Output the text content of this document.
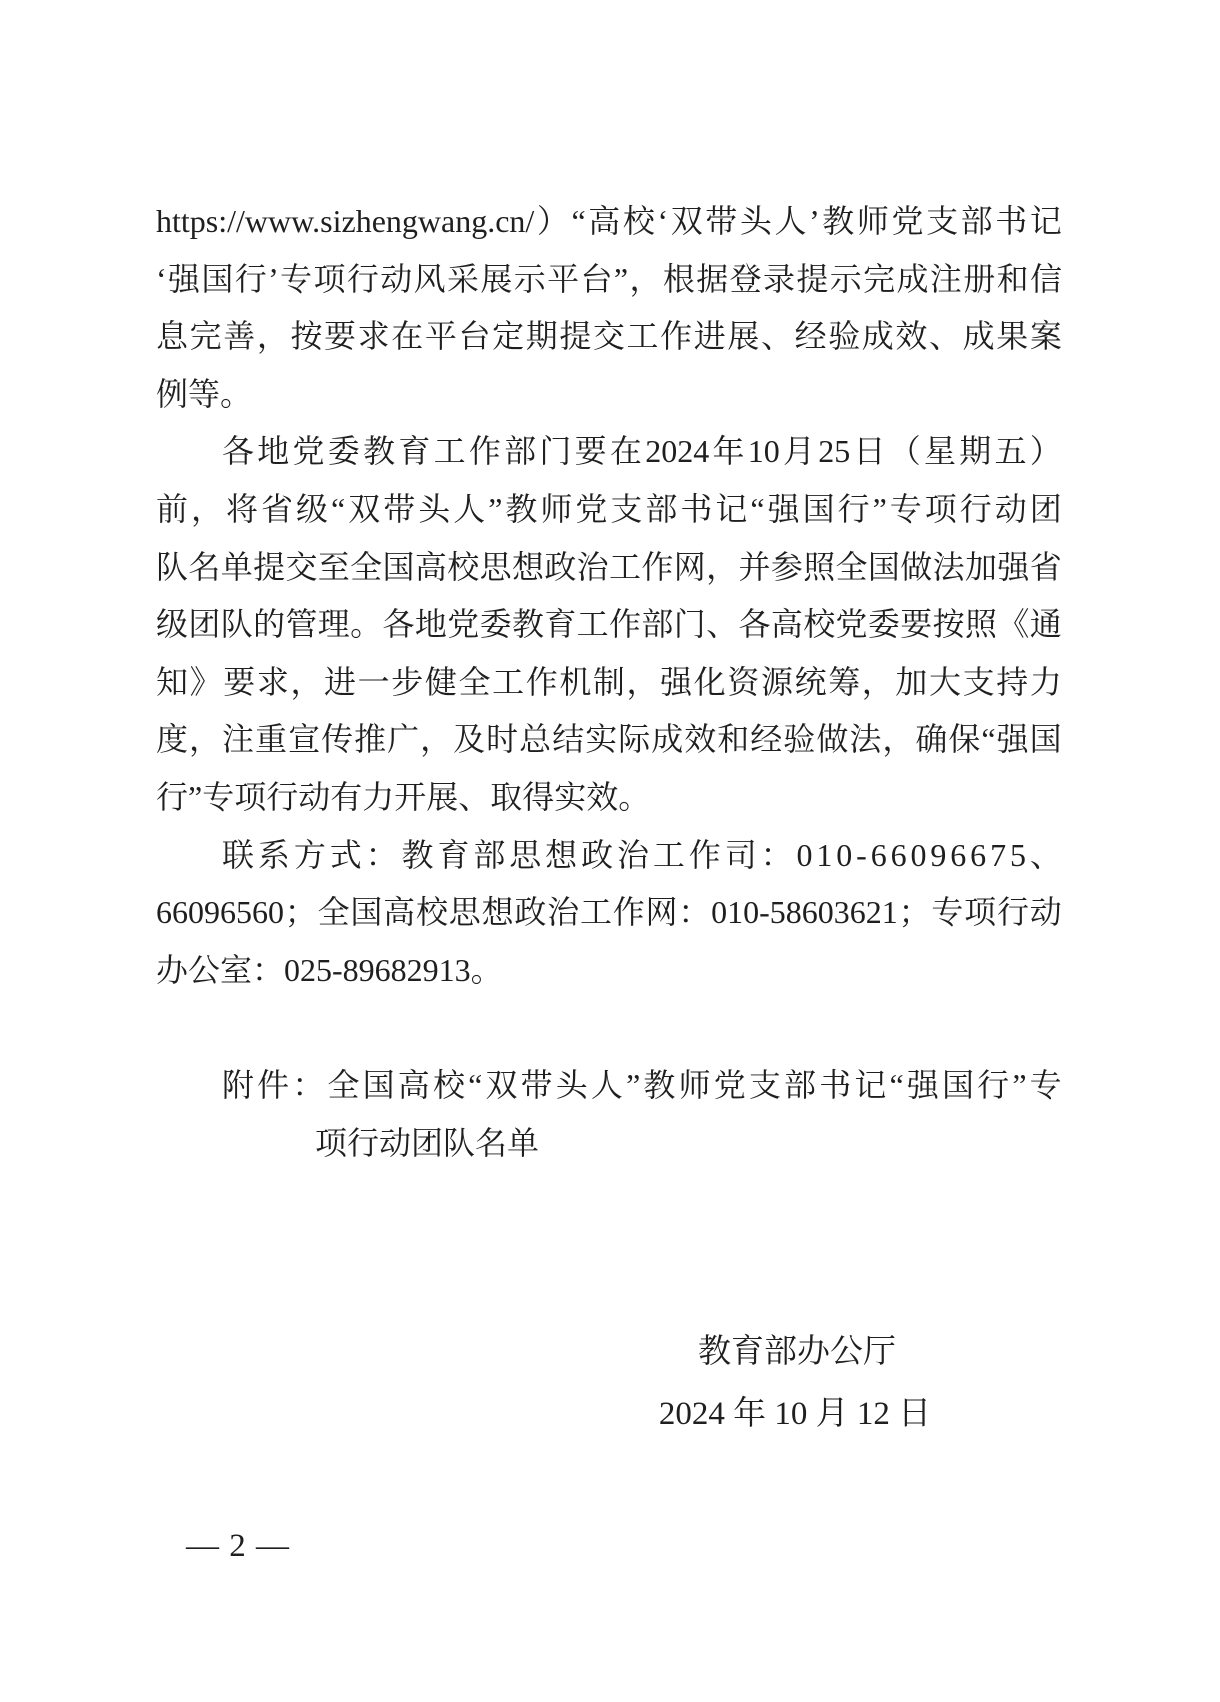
https://www.sizhengwang.cn/ ） “ 高 校 ‘ 双 带 头 人 ’ 教 师 党 支 部 书 记
‘ 强 国 行 ’ 专 项 行 动 风 采 展 示 平 台 ” ， 根 据 登 录 提 示 完 成 注 册 和 信
息 完 善 ， 按 要 求 在 平 台 定 期 提 交 工 作 进 展 、 经 验 成 效 、 成 果 案
例等。
各 地 党 委 教 育 工 作 部 门 要 在 2024 年 10 月 25 日 （ 星 期 五 ）
前 ， 将 省 级 “ 双 带 头 人 ” 教 师 党 支 部 书 记 “ 强 国 行 ” 专 项 行 动 团
队 名 单 提 交 至 全 国 高 校 思 想 政 治 工 作 网 ， 并 参 照 全 国 做 法 加 强 省
级 团 队 的 管 理 。 各 地 党 委 教 育 工 作 部 门 、 各 高 校 党 委 要 按 照 《 通
知 》 要 求 ， 进 一 步 健 全 工 作 机 制 ， 强 化 资 源 统 筹 ， 加 大 支 持 力
度 ， 注 重 宣 传 推 广 ， 及 时 总 结 实 际 成 效 和 经 验 做 法 ， 确 保 “ 强 国
行”专项行动有力开展、取得实效。
联 系 方 式 ： 教 育 部 思 想 政 治 工 作 司 ： 0 1 0 - 6 6 0 9 6 6 7 5 、
66096560 ； 全 国 高 校 思 想 政 治 工 作 网 ： 010-58603621 ； 专 项 行 动
办公室：025-89682913。
附 件 ： 全 国 高 校 “ 双 带 头 人 ” 教 师 党 支 部 书 记 “ 强 国 行 ” 专
项行动团队名单
教育部办公厅
2024 年 10 月 12 日
— 2 —
